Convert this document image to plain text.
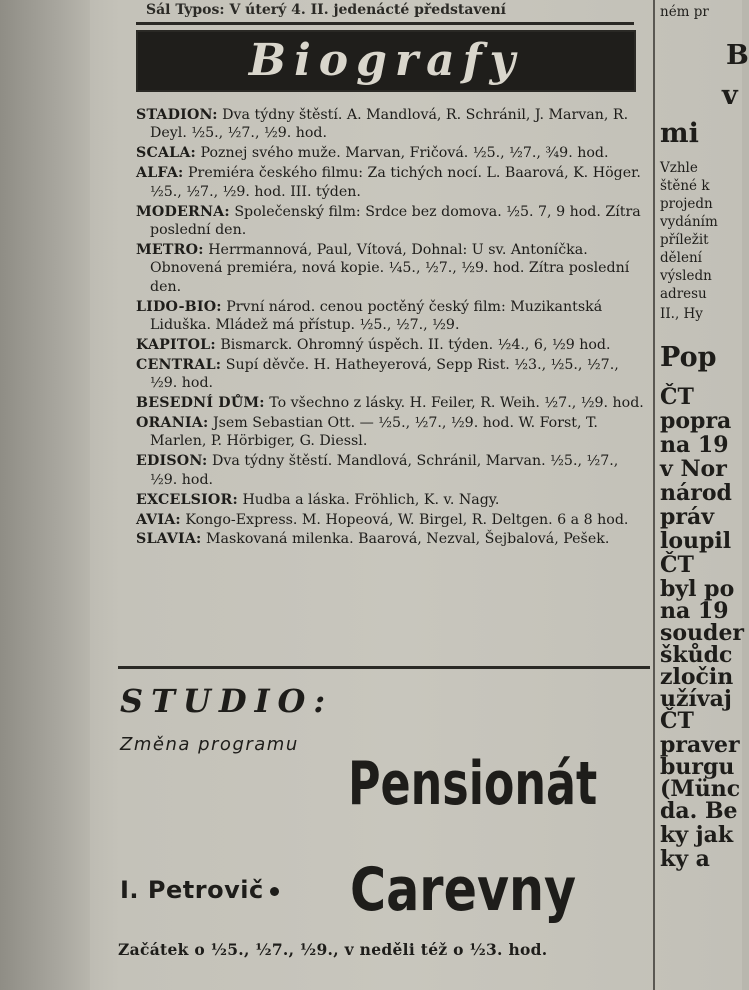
Sál Typos: V úterý 4. II. jedenácté představení
Biografy
STADION: Dva týdny štěstí. A. Mandlová, R. Schránil, J. Marvan, R. Deyl. ½5., ½7., ½9. hod.
SCALA: Poznej svého muže. Marvan, Fričová. ½5., ½7., ¾9. hod.
ALFA: Premiéra českého filmu: Za tichých nocí. L. Baarová, K. Höger. ½5., ½7., ½9. hod. III. týden.
MODERNA: Společenský film: Srdce bez domova. ½5. 7, 9 hod. Zítra poslední den.
METRO: Herrmannová, Paul, Vítová, Dohnal: U sv. Antoníčka. Obnovená premiéra, nová kopie. ¼5., ½7., ½9. hod. Zítra poslední den.
LIDO-BIO: První národ. cenou poctěný český film: Muzikantská Liduška. Mládež má přístup. ½5., ½7., ½9.
KAPITOL: Bismarck. Ohromný úspěch. II. týden. ½4., 6, ½9 hod.
CENTRAL: Supí děvče. H. Hatheyerová, Sepp Rist. ½3., ½5., ½7., ½9. hod.
BESEDNÍ DŮM: To všechno z lásky. H. Feiler, R. Weih. ½7., ½9. hod.
ORANIA: Jsem Sebastian Ott. — ½5., ½7., ½9. hod. W. Forst, T. Marlen, P. Hörbiger, G. Diessl.
EDISON: Dva týdny štěstí. Mandlová, Schránil, Marvan. ½5., ½7., ½9. hod.
EXCELSIOR: Hudba a láska. Fröhlich, K. v. Nagy.
AVIA: Kongo-Express. M. Hopeová, W. Birgel, R. Deltgen. 6 a 8 hod.
SLAVIA: Maskovaná milenka. Baarová, Nezval, Šejbalová, Pešek.
STUDIO:
Změna programu
Pensionát
Carevny
I. Petrovič
Začátek o ½5., ½7., ½9., v neděli též o ½3. hod.
ném pr
B
v
mi
Vzhle
štěné k
projedn
vydáním
příležit
dělení
výsledn
adresu
II., Hy
Pop
ČT
popra
na 19
v Nor
národ
práv
loupil
ČT
byl po
na 19
souder
škůdc
zločin
užívaj
ČT
praver
burgu
(Münc
da. Be
ky jak
ky a
